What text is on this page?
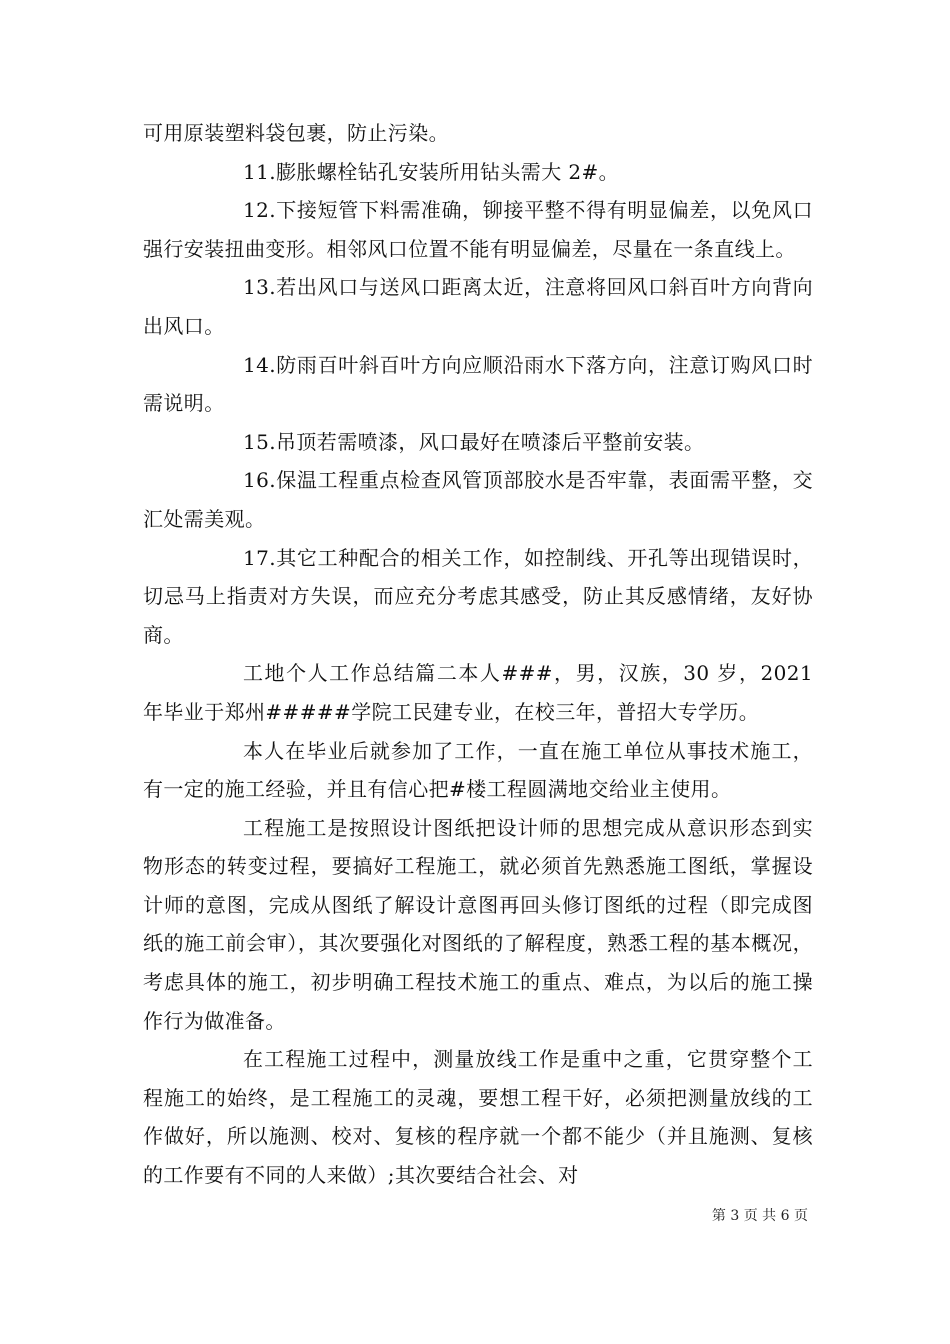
可用原装塑料袋包裹，防止污染。

11.膨胀螺栓钻孔安装所用钻头需大 2#。

12.下接短管下料需准确，铆接平整不得有明显偏差，以免风口强行安装扭曲变形。相邻风口位置不能有明显偏差，尽量在一条直线上。

13.若出风口与送风口距离太近，注意将回风口斜百叶方向背向出风口。

14.防雨百叶斜百叶方向应顺沿雨水下落方向，注意订购风口时需说明。

15.吊顶若需喷漆，风口最好在喷漆后平整前安装。

16.保温工程重点检查风管顶部胶水是否牢靠，表面需平整，交汇处需美观。

17.其它工种配合的相关工作，如控制线、开孔等出现错误时，切忌马上指责对方失误，而应充分考虑其感受，防止其反感情绪，友好协商。

工地个人工作总结篇二本人###，男，汉族，30 岁，2021 年毕业于郑州#####学院工民建专业，在校三年，普招大专学历。

本人在毕业后就参加了工作，一直在施工单位从事技术施工，有一定的施工经验，并且有信心把#楼工程圆满地交给业主使用。

工程施工是按照设计图纸把设计师的思想完成从意识形态到实物形态的转变过程，要搞好工程施工，就必须首先熟悉施工图纸，掌握设计师的意图，完成从图纸了解设计意图再回头修订图纸的过程（即完成图纸的施工前会审），其次要强化对图纸的了解程度，熟悉工程的基本概况，考虑具体的施工，初步明确工程技术施工的重点、难点，为以后的施工操作行为做准备。

在工程施工过程中，测量放线工作是重中之重，它贯穿整个工程施工的始终，是工程施工的灵魂，要想工程干好，必须把测量放线的工作做好，所以施测、校对、复核的程序就一个都不能少（并且施测、复核的工作要有不同的人来做）;其次要结合社会、对

第 3 页 共 6 页
